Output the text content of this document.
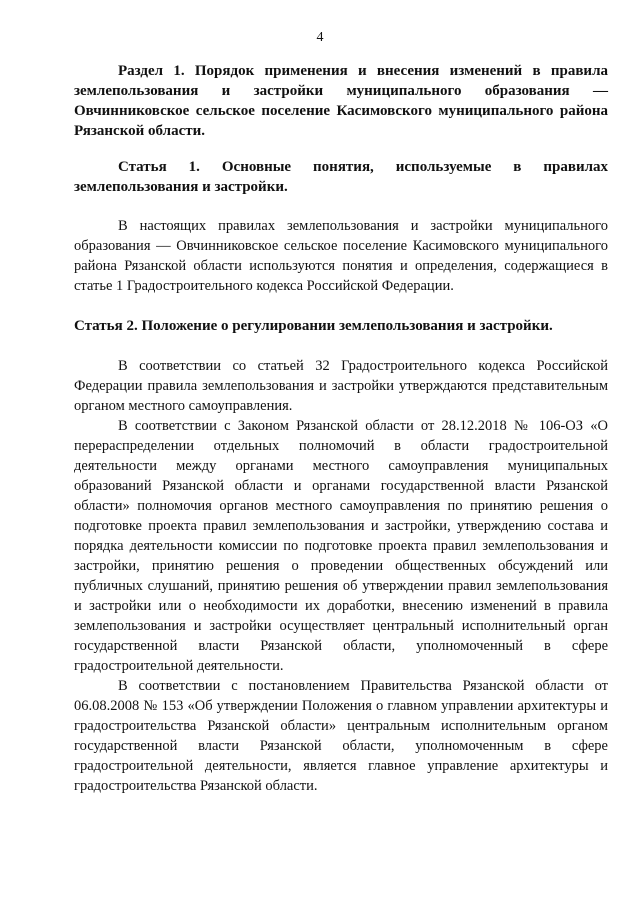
4
Раздел 1. Порядок применения и внесения изменений в правила землепользования и застройки муниципального образования — Овчинниковское сельское поселение Касимовского муниципального района Рязанской области.
Статья 1. Основные понятия, используемые в правилах землепользования и застройки.

В настоящих правилах землепользования и застройки муниципального образования — Овчинниковское сельское поселение Касимовского муниципального района Рязанской области используются понятия и определения, содержащиеся в статье 1 Градостроительного кодекса Российской Федерации.

Статья 2. Положение о регулировании землепользования и застройки.

В соответствии со статьей 32 Градостроительного кодекса Российской Федерации правила землепользования и застройки утверждаются представительным органом местного самоуправления.

В соответствии с Законом Рязанской области от 28.12.2018 № 106-ОЗ «О перераспределении отдельных полномочий в области градостроительной деятельности между органами местного самоуправления муниципальных образований Рязанской области и органами государственной власти Рязанской области» полномочия органов местного самоуправления по принятию решения о подготовке проекта правил землепользования и застройки, утверждению состава и порядка деятельности комиссии по подготовке проекта правил землепользования и застройки, принятию решения о проведении общественных обсуждений или публичных слушаний, принятию решения об утверждении правил землепользования и застройки или о необходимости их доработки, внесению изменений в правила землепользования и застройки осуществляет центральный исполнительный орган государственной власти Рязанской области, уполномоченный в сфере градостроительной деятельности.

В соответствии с постановлением Правительства Рязанской области от 06.08.2008 № 153 «Об утверждении Положения о главном управлении архитектуры и градостроительства Рязанской области» центральным исполнительным органом государственной власти Рязанской области, уполномоченным в сфере градостроительной деятельности, является главное управление архитектуры и градостроительства Рязанской области.
